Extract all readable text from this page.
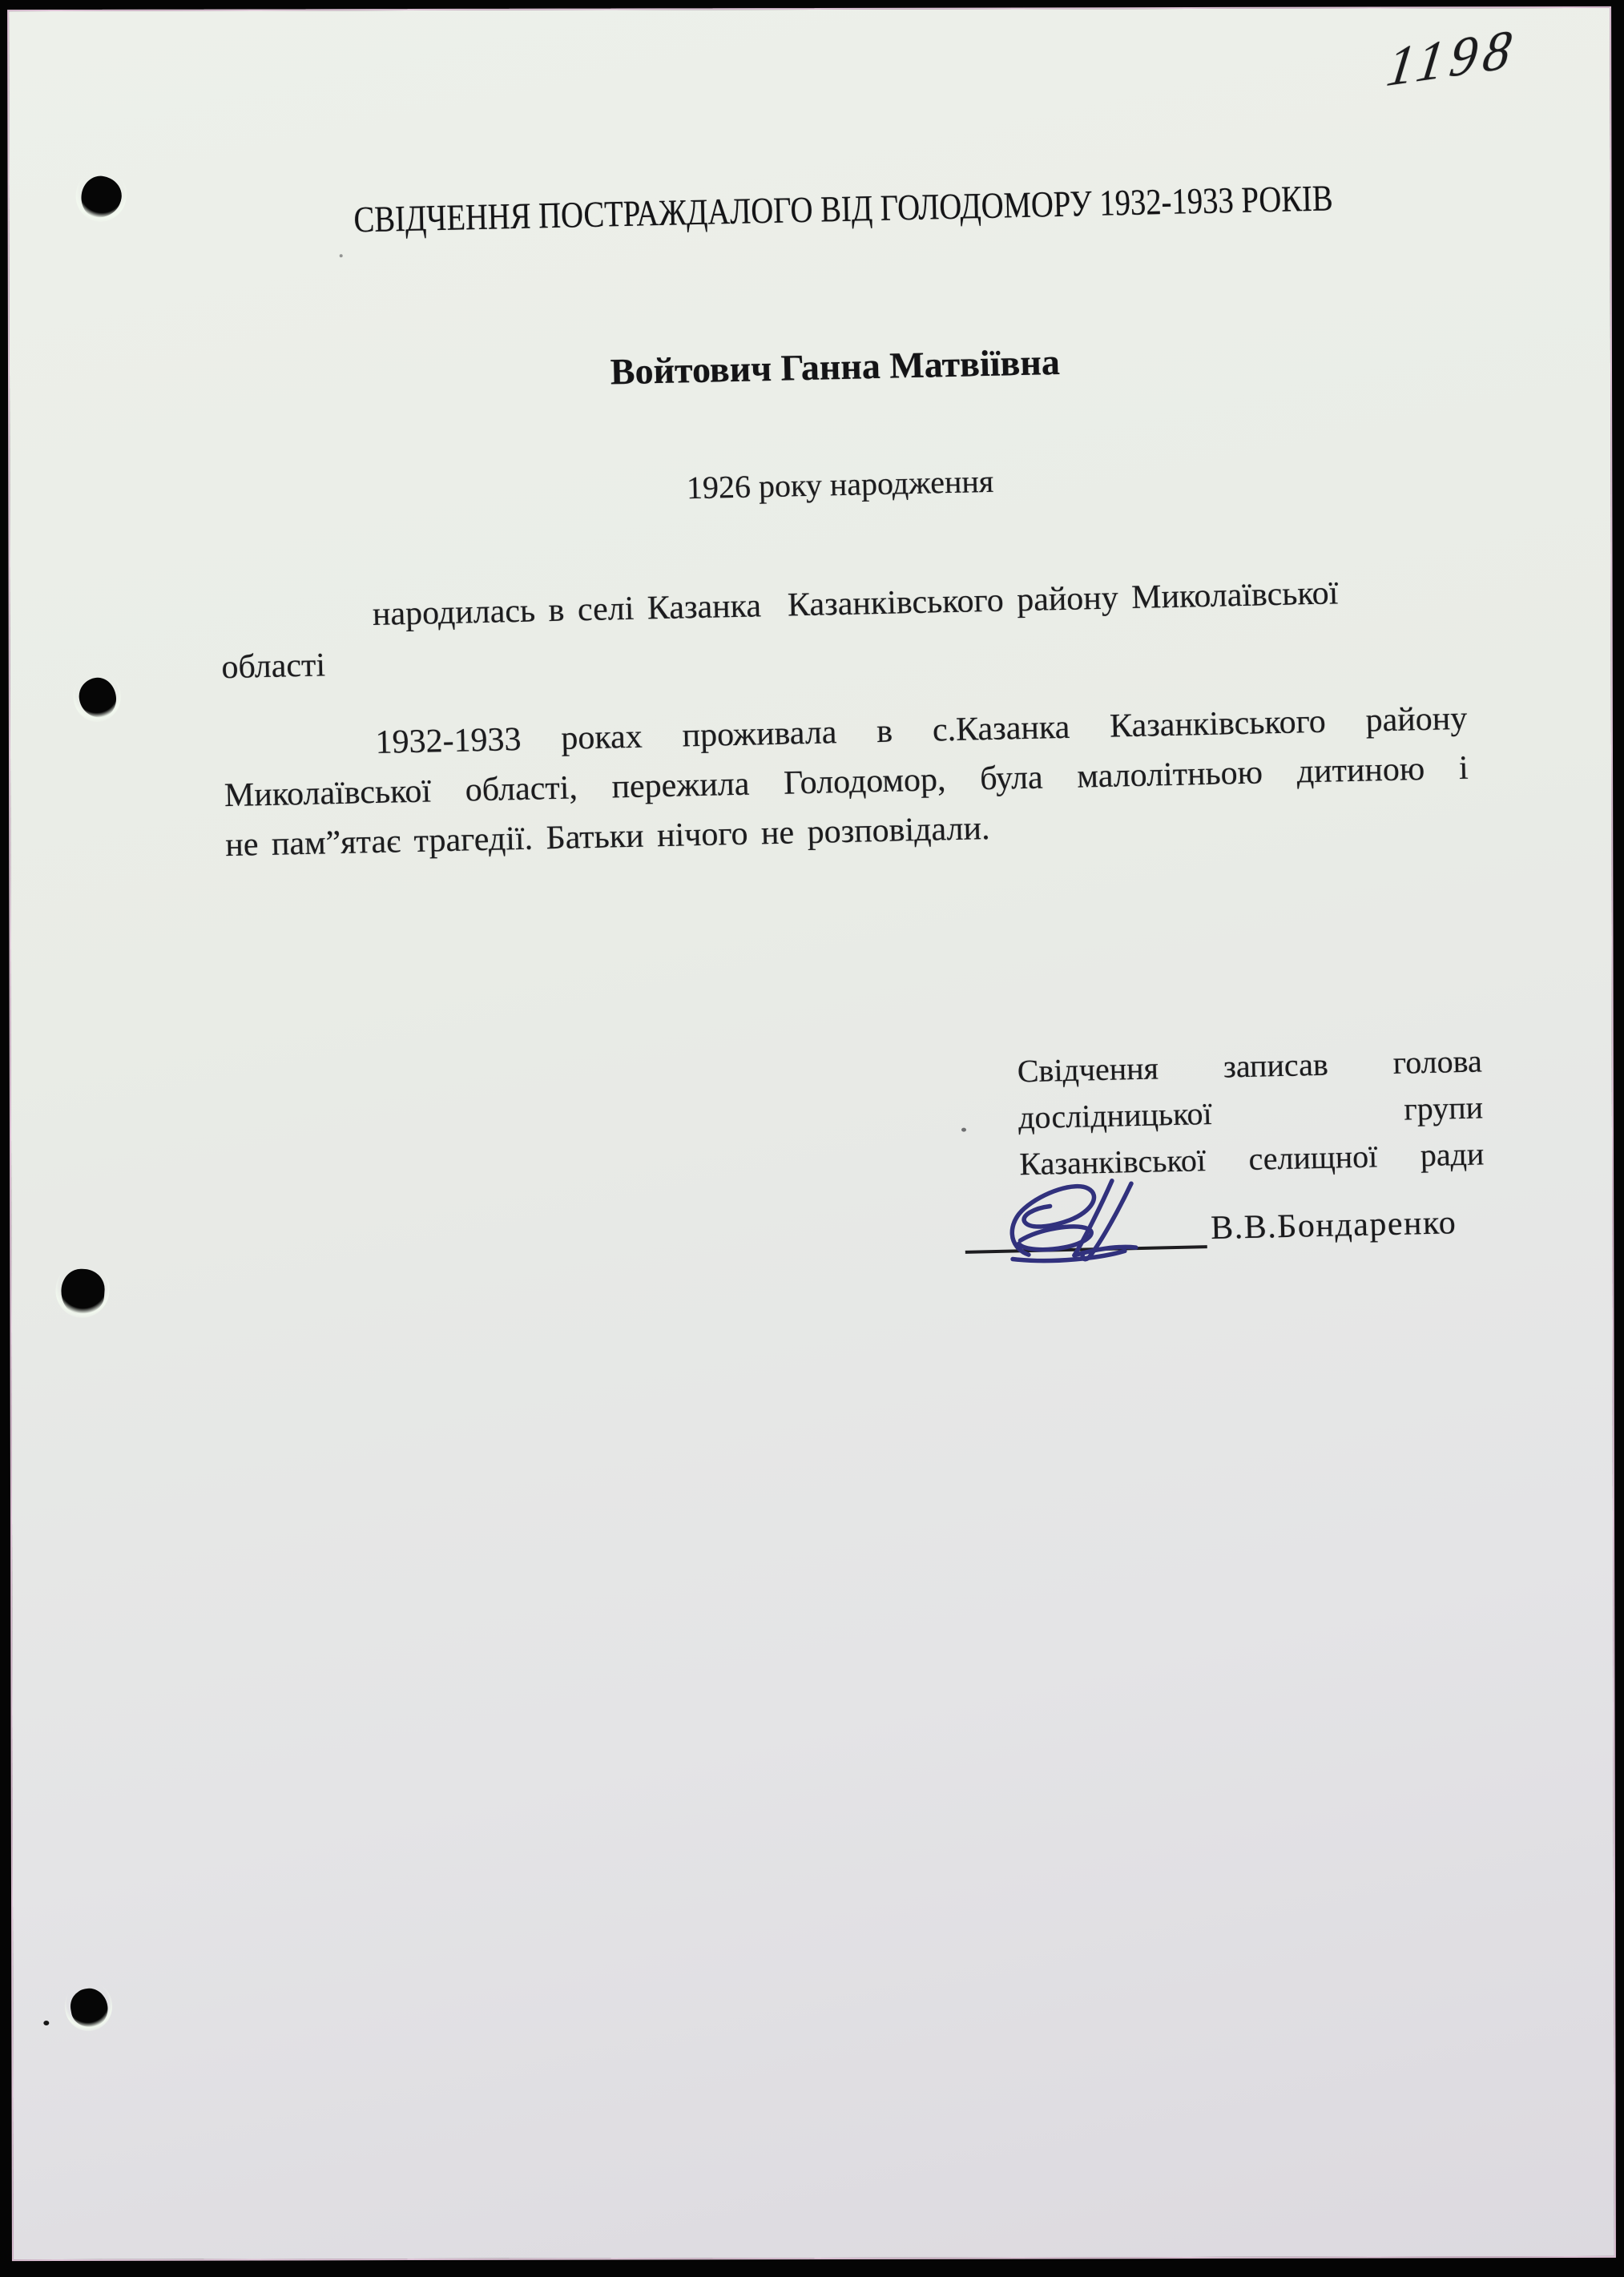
1198
СВІДЧЕННЯ ПОСТРАЖДАЛОГО ВІД ГОЛОДОМОРУ 1932-1933 РОКІВ
Войтович Ганна Матвіївна
1926 року народження
народилась в селі Казанка  Казанківського району Миколаївської
області
1932-1933 роках проживала в с.Казанка Казанківського району
Миколаївської області, пережила Голодомор, була малолітньою дитиною і
не пам”ятає трагедії. Батьки нічого не розповідали.
Свідчення записав голова
дослідницької	групи
Казанківської селищної ради
В.В.Бондаренко
